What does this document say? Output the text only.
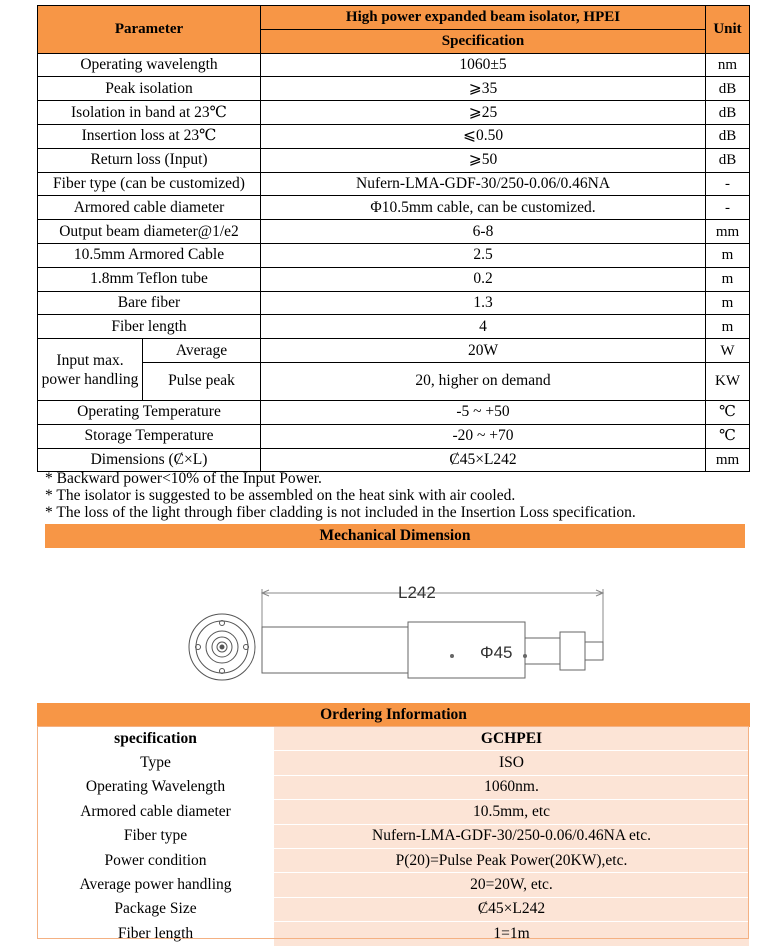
Parameter		High power expanded beam isolator, HPEI	Unit
		Specification	
Operating wavelength		1060±5	nm
Peak isolation		⩾35	dB
Isolation in band at 23℃		⩾25	dB
Insertion loss at 23℃		⩽0.50	dB
Return loss (Input)		⩾50	dB
Fiber type (can be customized)		Nufern-LMA-GDF-30/250-0.06/0.46NA	-
Armored cable diameter		Φ10.5mm cable, can be customized.	-
Output beam diameter@1/e2		6-8	mm
10.5mm Armored Cable		2.5	m
1.8mm Teflon tube		0.2	m
Bare fiber		1.3	m
Fiber length		4	m
Input max. power handling	Average	20W	W
	Pulse peak	20, higher on demand	KW
Operating Temperature		-5 ~ +50	℃
Storage Temperature		-20 ~ +70	℃
Dimensions (Ȼ×L)		Ȼ45×L242	mm
* Backward power<10% of the Input Power.
* The isolator is suggested to be assembled on the heat sink with air cooled.
* The loss of the light through fiber cladding is not included in the Insertion Loss specification.
Mechanical Dimension
L242
Φ45
Ordering Information	
specification	GCHPEI
Type	ISO
Operating Wavelength	1060nm.
Armored cable diameter	10.5mm, etc
Fiber type	Nufern-LMA-GDF-30/250-0.06/0.46NA etc.
Power condition	P(20)=Pulse Peak Power(20KW),etc.
Average power handling	20=20W, etc.
Package Size	Ȼ45×L242
Fiber length	1=1m
